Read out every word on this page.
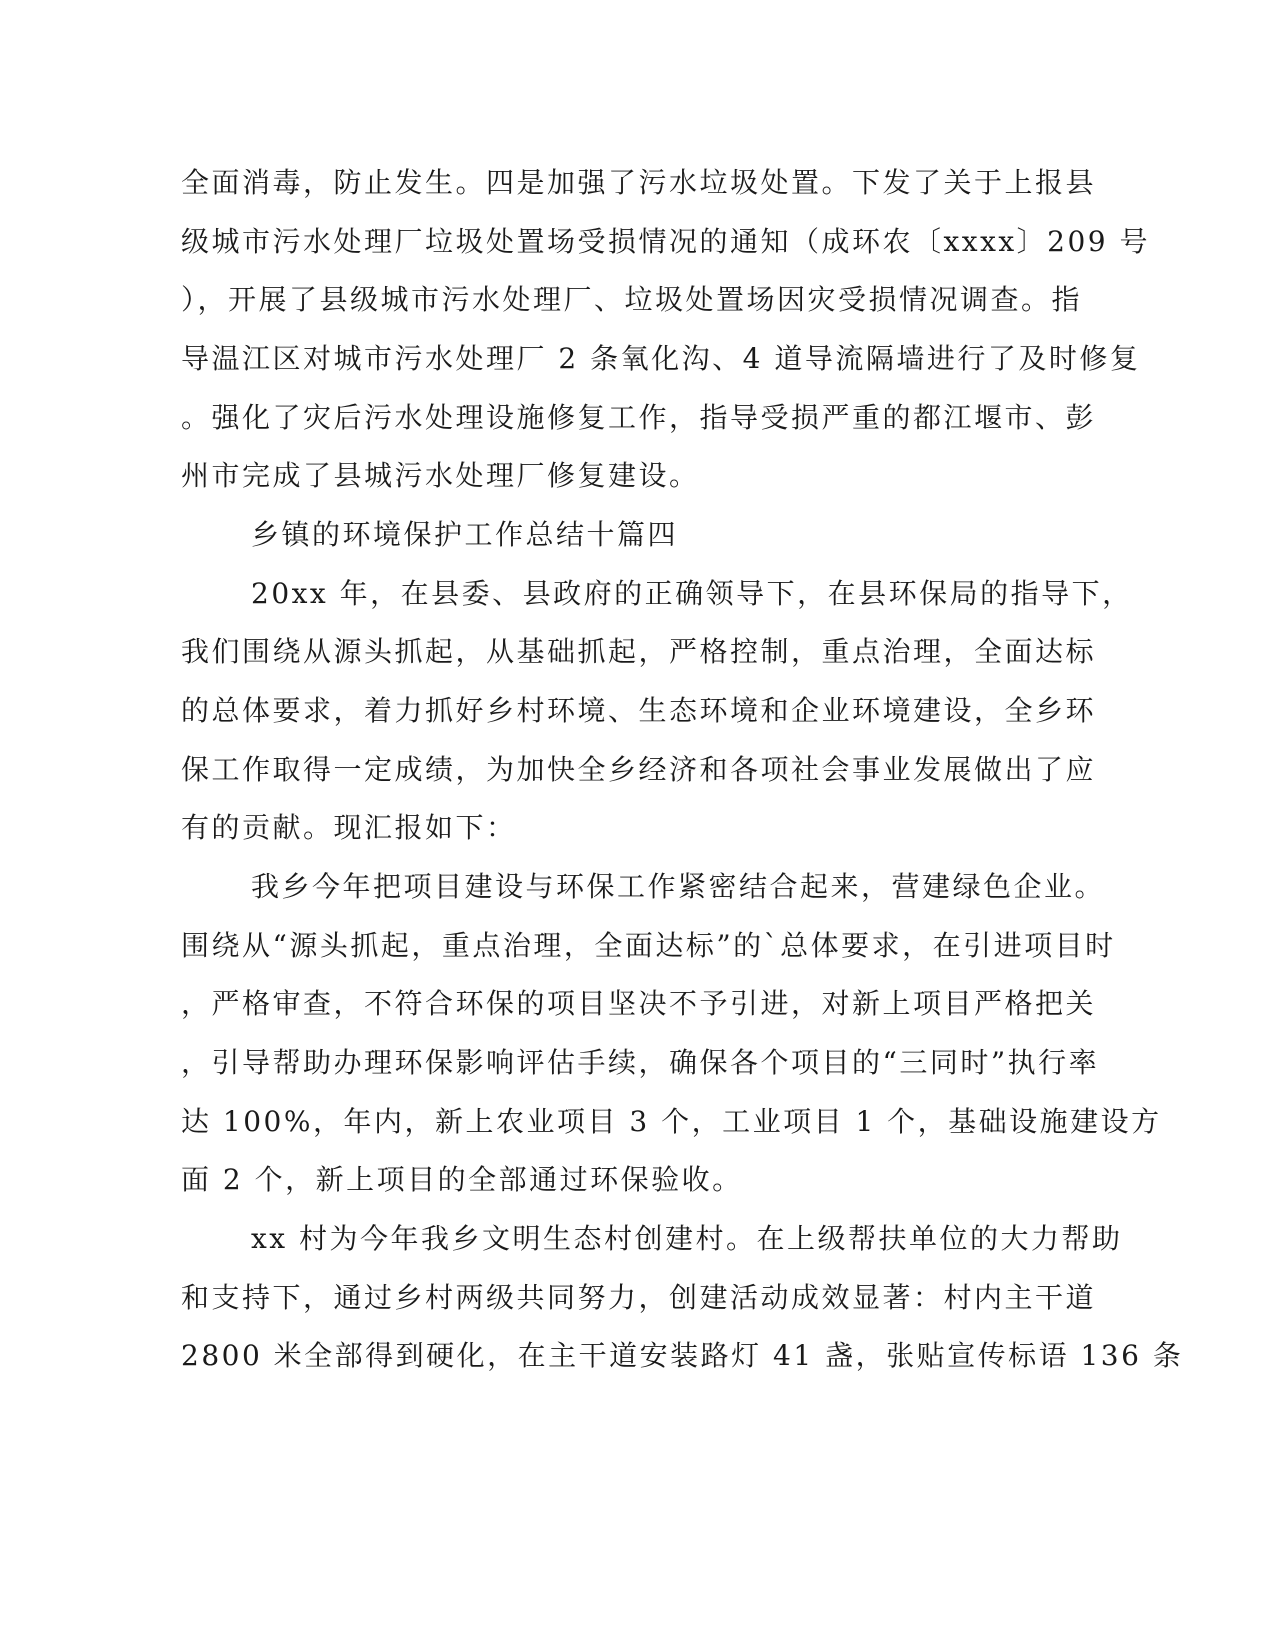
全面消毒，防止发生。四是加强了污水垃圾处置。下发了关于上报县
级城市污水处理厂垃圾处置场受损情况的通知（成环农〔xxxx〕209 号
），开展了县级城市污水处理厂、垃圾处置场因灾受损情况调查。指
导温江区对城市污水处理厂 2 条氧化沟、4 道导流隔墙进行了及时修复
。强化了灾后污水处理设施修复工作，指导受损严重的都江堰市、彭
州市完成了县城污水处理厂修复建设。
乡镇的环境保护工作总结十篇四
20xx 年，在县委、县政府的正确领导下，在县环保局的指导下，
我们围绕从源头抓起，从基础抓起，严格控制，重点治理，全面达标
的总体要求，着力抓好乡村环境、生态环境和企业环境建设，全乡环
保工作取得一定成绩，为加快全乡经济和各项社会事业发展做出了应
有的贡献。现汇报如下：
我乡今年把项目建设与环保工作紧密结合起来，营建绿色企业。
围绕从“源头抓起，重点治理，全面达标”的`总体要求，在引进项目时
，严格审查，不符合环保的项目坚决不予引进，对新上项目严格把关
，引导帮助办理环保影响评估手续，确保各个项目的“三同时”执行率
达 100%，年内，新上农业项目 3 个，工业项目 1 个，基础设施建设方
面 2 个，新上项目的全部通过环保验收。
xx 村为今年我乡文明生态村创建村。在上级帮扶单位的大力帮助
和支持下，通过乡村两级共同努力，创建活动成效显著：村内主干道
2800 米全部得到硬化，在主干道安装路灯 41 盏，张贴宣传标语 136 条
